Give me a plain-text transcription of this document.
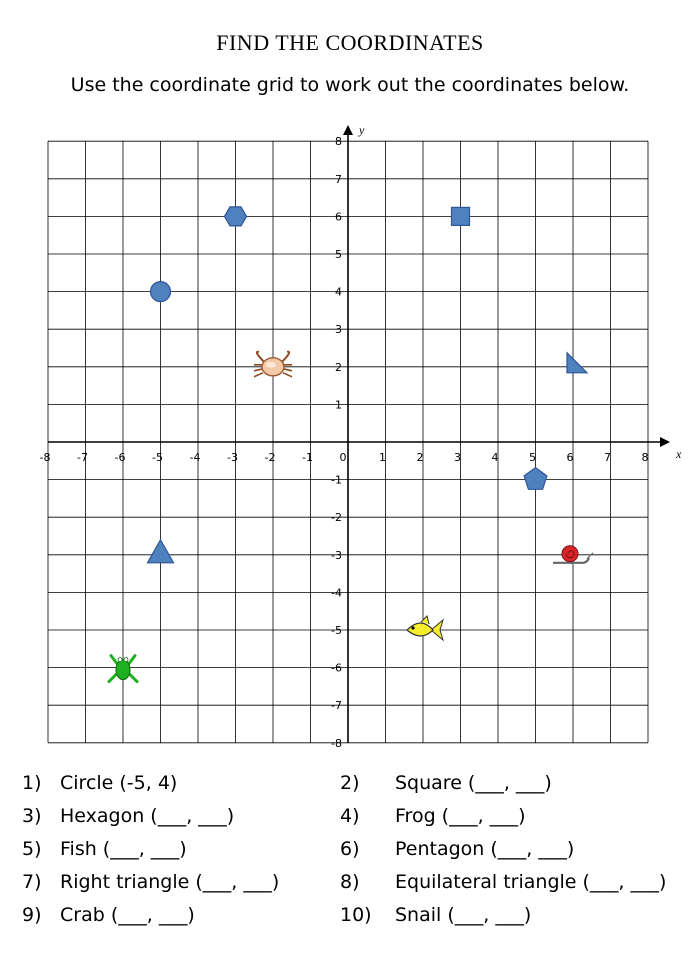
FIND THE COORDINATES
Use the coordinate grid to work out the coordinates below.
x
y
0
-8 -7 -6 -5 -4 -3 -2 -1	1	2	3	4	5	6	7	8
8
7
6
5
4
3
2
1
-1
-2
-3
-4
-5
-6
-7
-8
1) Circle (-5, 4)	2) Square (___, ___)
3) Hexagon (___, ___)	4) Frog (___, ___)
5) Fish (___, ___)	6) Pentagon (___, ___)
7) Right triangle (___, ___)	8) Equilateral triangle (___, ___)
9) Crab (___, ___)	10) Snail (___, ___)
